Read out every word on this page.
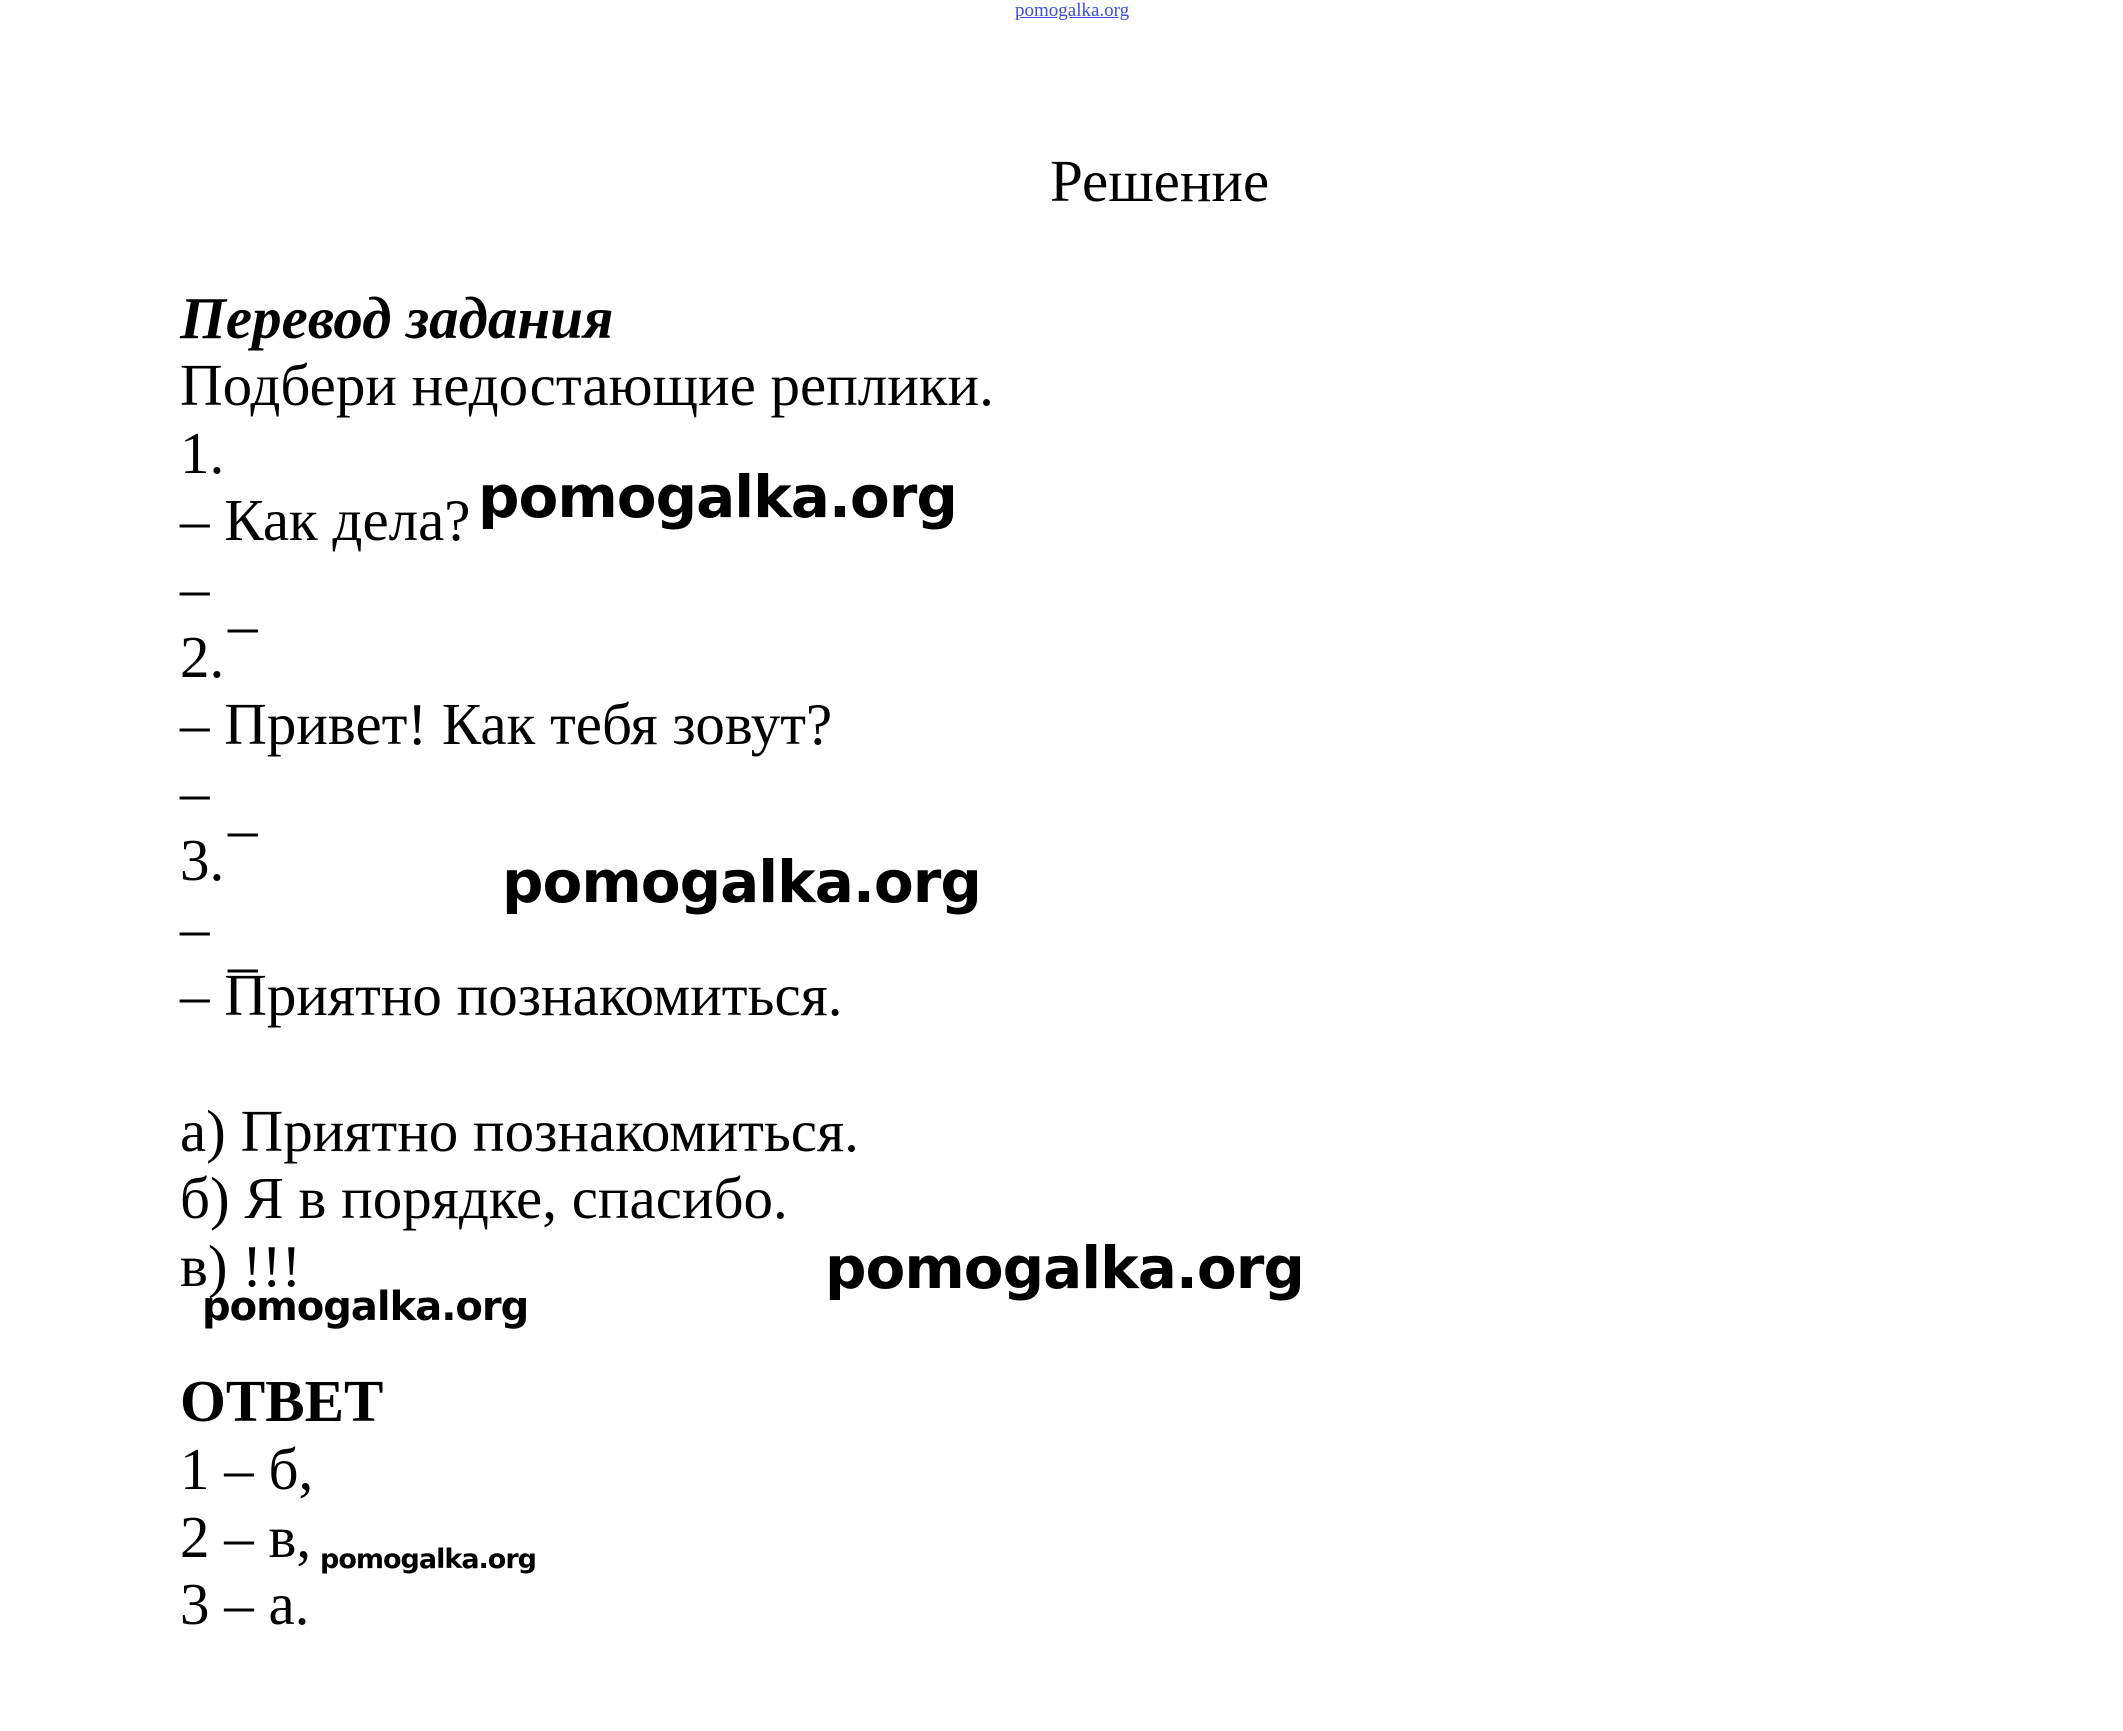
pomogalka.org
Решение
Перевод задания
Подбери недостающие реплики.
1.
– Как дела?
– _
2.
– Привет! Как тебя зовут?
– _
3.
– _
– Приятно познакомиться.
а) Приятно познакомиться.
б) Я в порядке, спасибо.
в) !!!
ОТВЕТ
1 – б,
2 – в,
3 – а.
pomogalka.org
pomogalka.org
pomogalka.org
pomogalka.org
pomogalka.org
